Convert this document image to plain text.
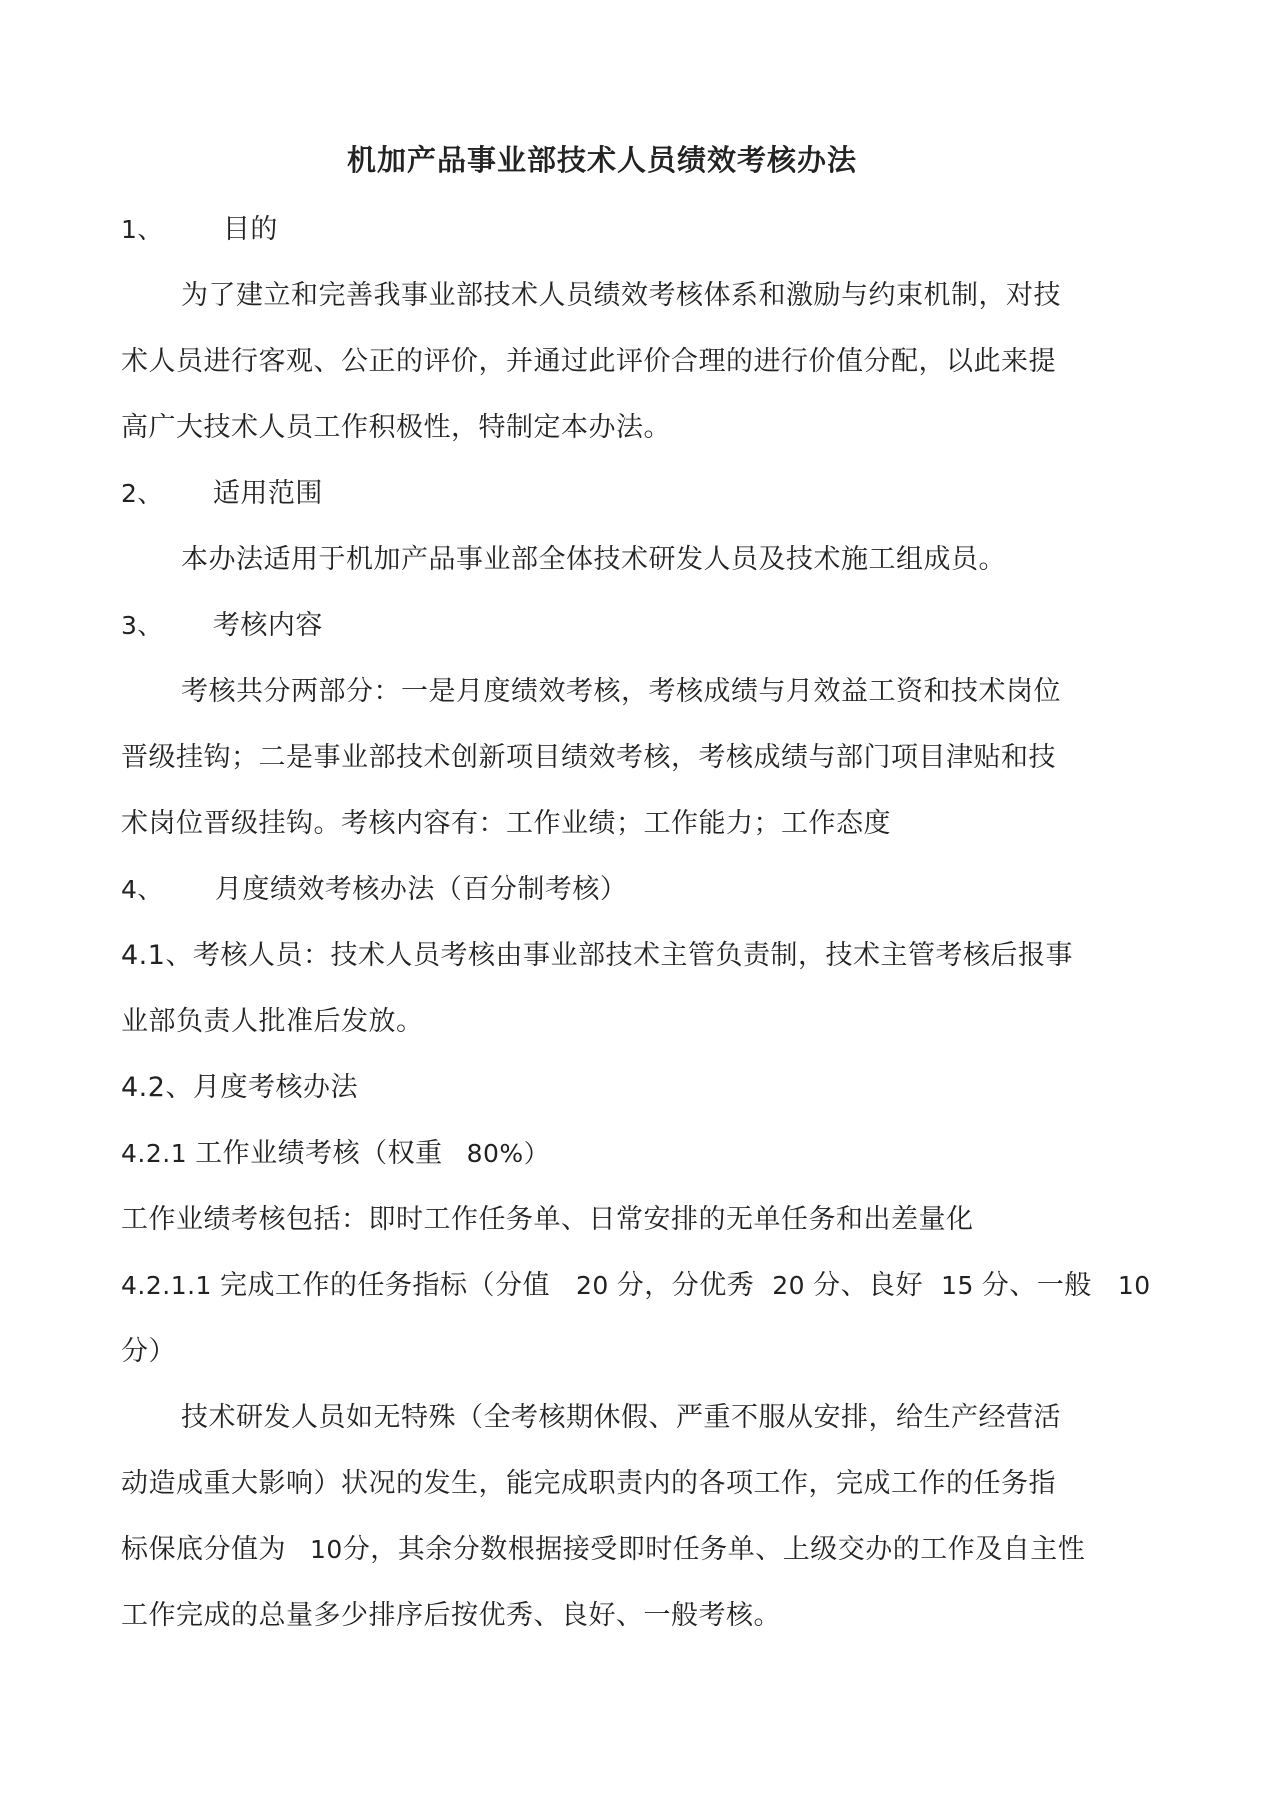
机加产品事业部技术人员绩效考核办法

1、 目的

为了建立和完善我事业部技术人员绩效考核体系和激励与约束机制，对技

术人员进行客观、公正的评价，并通过此评价合理的进行价值分配，以此来提

高广大技术人员工作积极性，特制定本办法。

2、 适用范围

本办法适用于机加产品事业部全体技术研发人员及技术施工组成员。

3、 考核内容

考核共分两部分：一是月度绩效考核，考核成绩与月效益工资和技术岗位

晋级挂钩；二是事业部技术创新项目绩效考核，考核成绩与部门项目津贴和技

术岗位晋级挂钩。考核内容有：工作业绩；工作能力；工作态度

4、 月度绩效考核办法（百分制考核）

4.1、考核人员：技术人员考核由事业部技术主管负责制，技术主管考核后报事

业部负责人批准后发放。

4.2、月度考核办法

4.2.1 工作业绩考核（权重 80%）

工作业绩考核包括：即时工作任务单、日常安排的无单任务和出差量化

4.2.1.1 完成工作的任务指标（分值 20 分，分优秀 20 分、良好 15 分、一般 10

分）

技术研发人员如无特殊（全考核期休假、严重不服从安排，给生产经营活

动造成重大影响）状况的发生，能完成职责内的各项工作，完成工作的任务指

标保底分值为 10分，其余分数根据接受即时任务单、上级交办的工作及自主性

工作完成的总量多少排序后按优秀、良好、一般考核。
